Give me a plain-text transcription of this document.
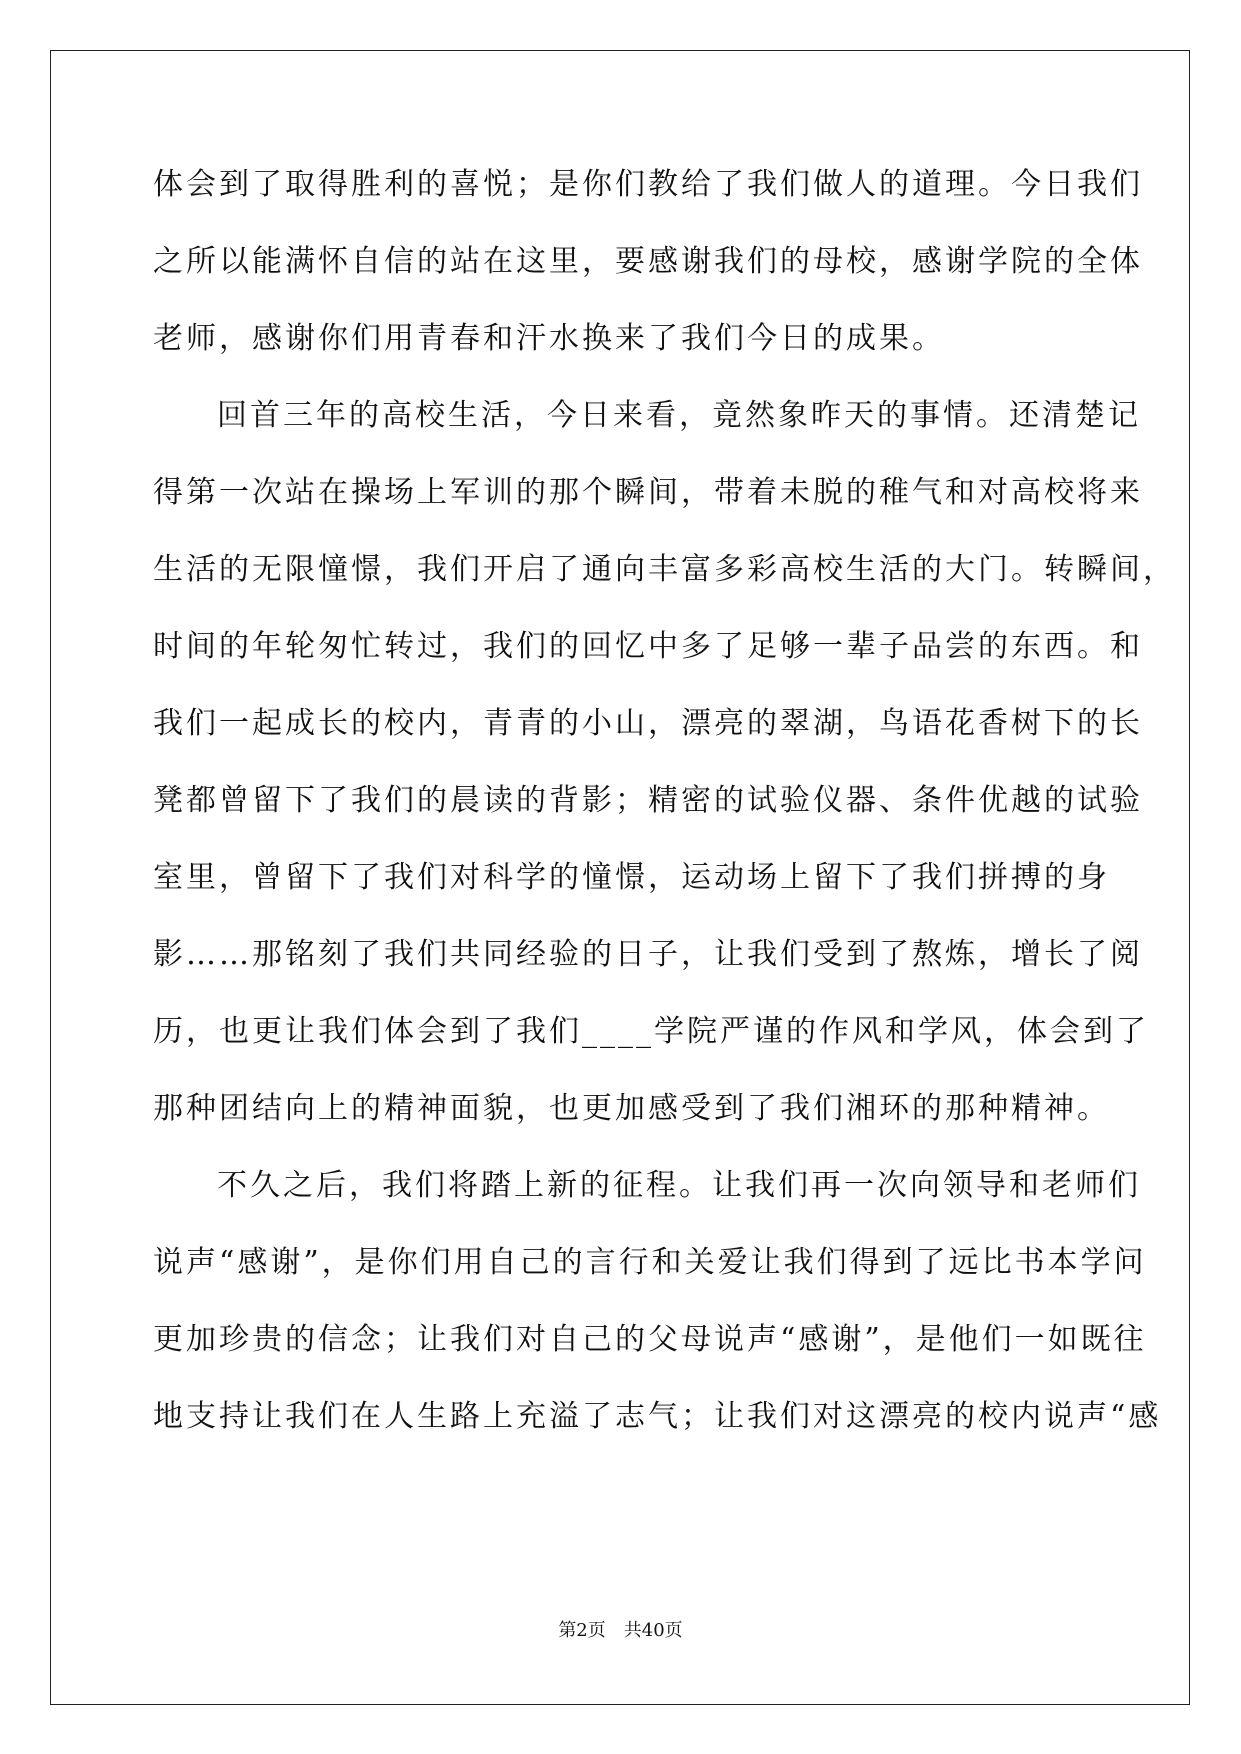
体会到了取得胜利的喜悦；是你们教给了我们做人的道理。今日我们
之所以能满怀自信的站在这里，要感谢我们的母校，感谢学院的全体
老师，感谢你们用青春和汗水换来了我们今日的成果。
回首三年的高校生活，今日来看，竟然象昨天的事情。还清楚记
得第一次站在操场上军训的那个瞬间，带着未脱的稚气和对高校将来
生活的无限憧憬，我们开启了通向丰富多彩高校生活的大门。转瞬间，
时间的年轮匆忙转过，我们的回忆中多了足够一辈子品尝的东西。和
我们一起成长的校内，青青的小山，漂亮的翠湖，鸟语花香树下的长
凳都曾留下了我们的晨读的背影；精密的试验仪器、条件优越的试验
室里，曾留下了我们对科学的憧憬，运动场上留下了我们拼搏的身
影……那铭刻了我们共同经验的日子，让我们受到了熬炼，增长了阅
历，也更让我们体会到了我们____学院严谨的作风和学风，体会到了
那种团结向上的精神面貌，也更加感受到了我们湘环的那种精神。
不久之后，我们将踏上新的征程。让我们再一次向领导和老师们
说声“感谢”，是你们用自己的言行和关爱让我们得到了远比书本学问
更加珍贵的信念；让我们对自己的父母说声“感谢”，是他们一如既往
地支持让我们在人生路上充溢了志气；让我们对这漂亮的校内说声“感
第2页　共40页
